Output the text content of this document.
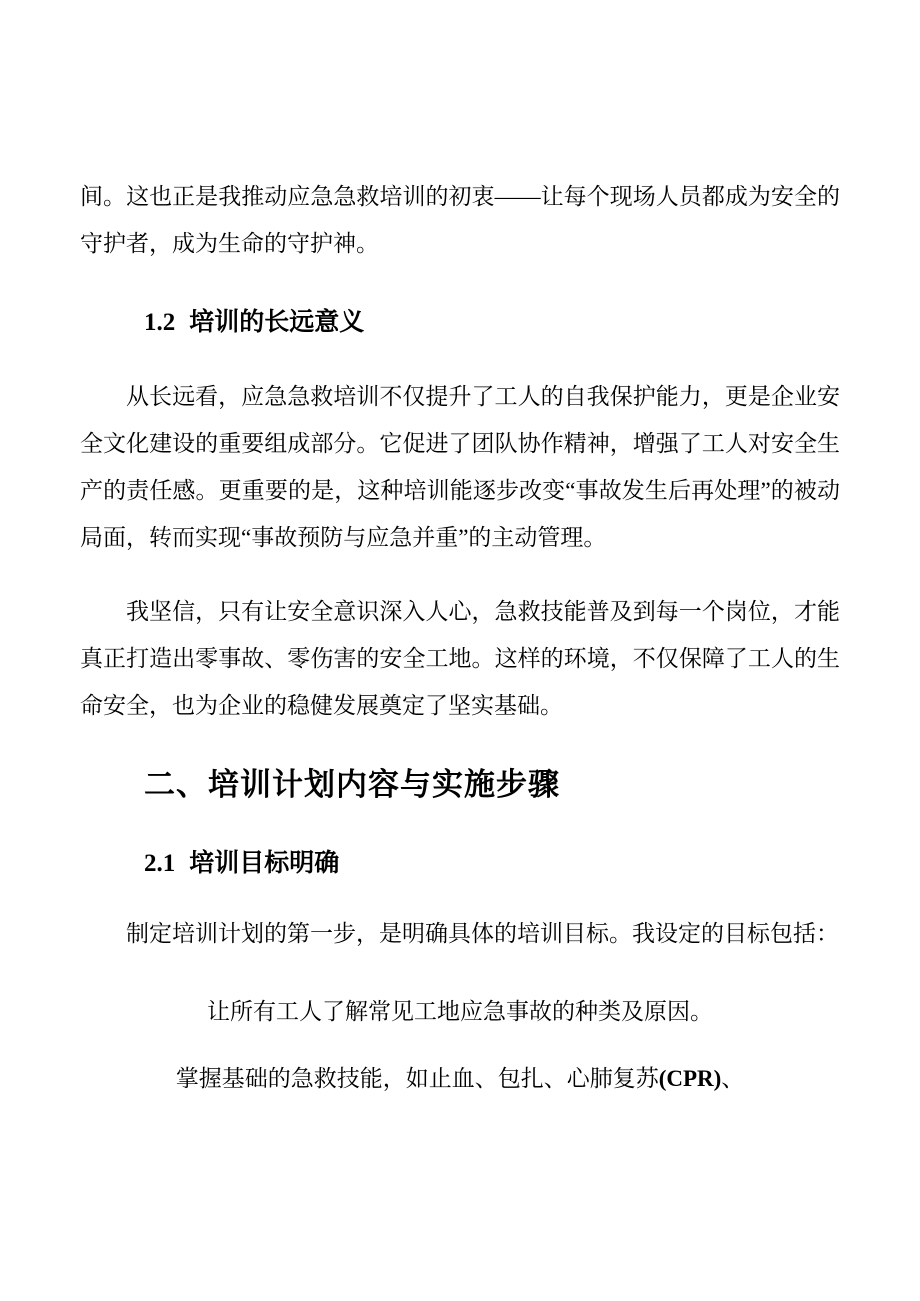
间。这也正是我推动应急急救培训的初衷——让每个现场人员都成为安全的守护者，成为生命的守护神。

1.2 培训的长远意义

从长远看，应急急救培训不仅提升了工人的自我保护能力，更是企业安全文化建设的重要组成部分。它促进了团队协作精神，增强了工人对安全生产的责任感。更重要的是，这种培训能逐步改变“事故发生后再处理”的被动局面，转而实现“事故预防与应急并重”的主动管理。

我坚信，只有让安全意识深入人心，急救技能普及到每一个岗位，才能真正打造出零事故、零伤害的安全工地。这样的环境，不仅保障了工人的生命安全，也为企业的稳健发展奠定了坚实基础。

二、培训计划内容与实施步骤
2.1 培训目标明确

制定培训计划的第一步，是明确具体的培训目标。我设定的目标包括：

让所有工人了解常见工地应急事故的种类及原因。

掌握基础的急救技能，如止血、包扎、心肺复苏(CPR)、
